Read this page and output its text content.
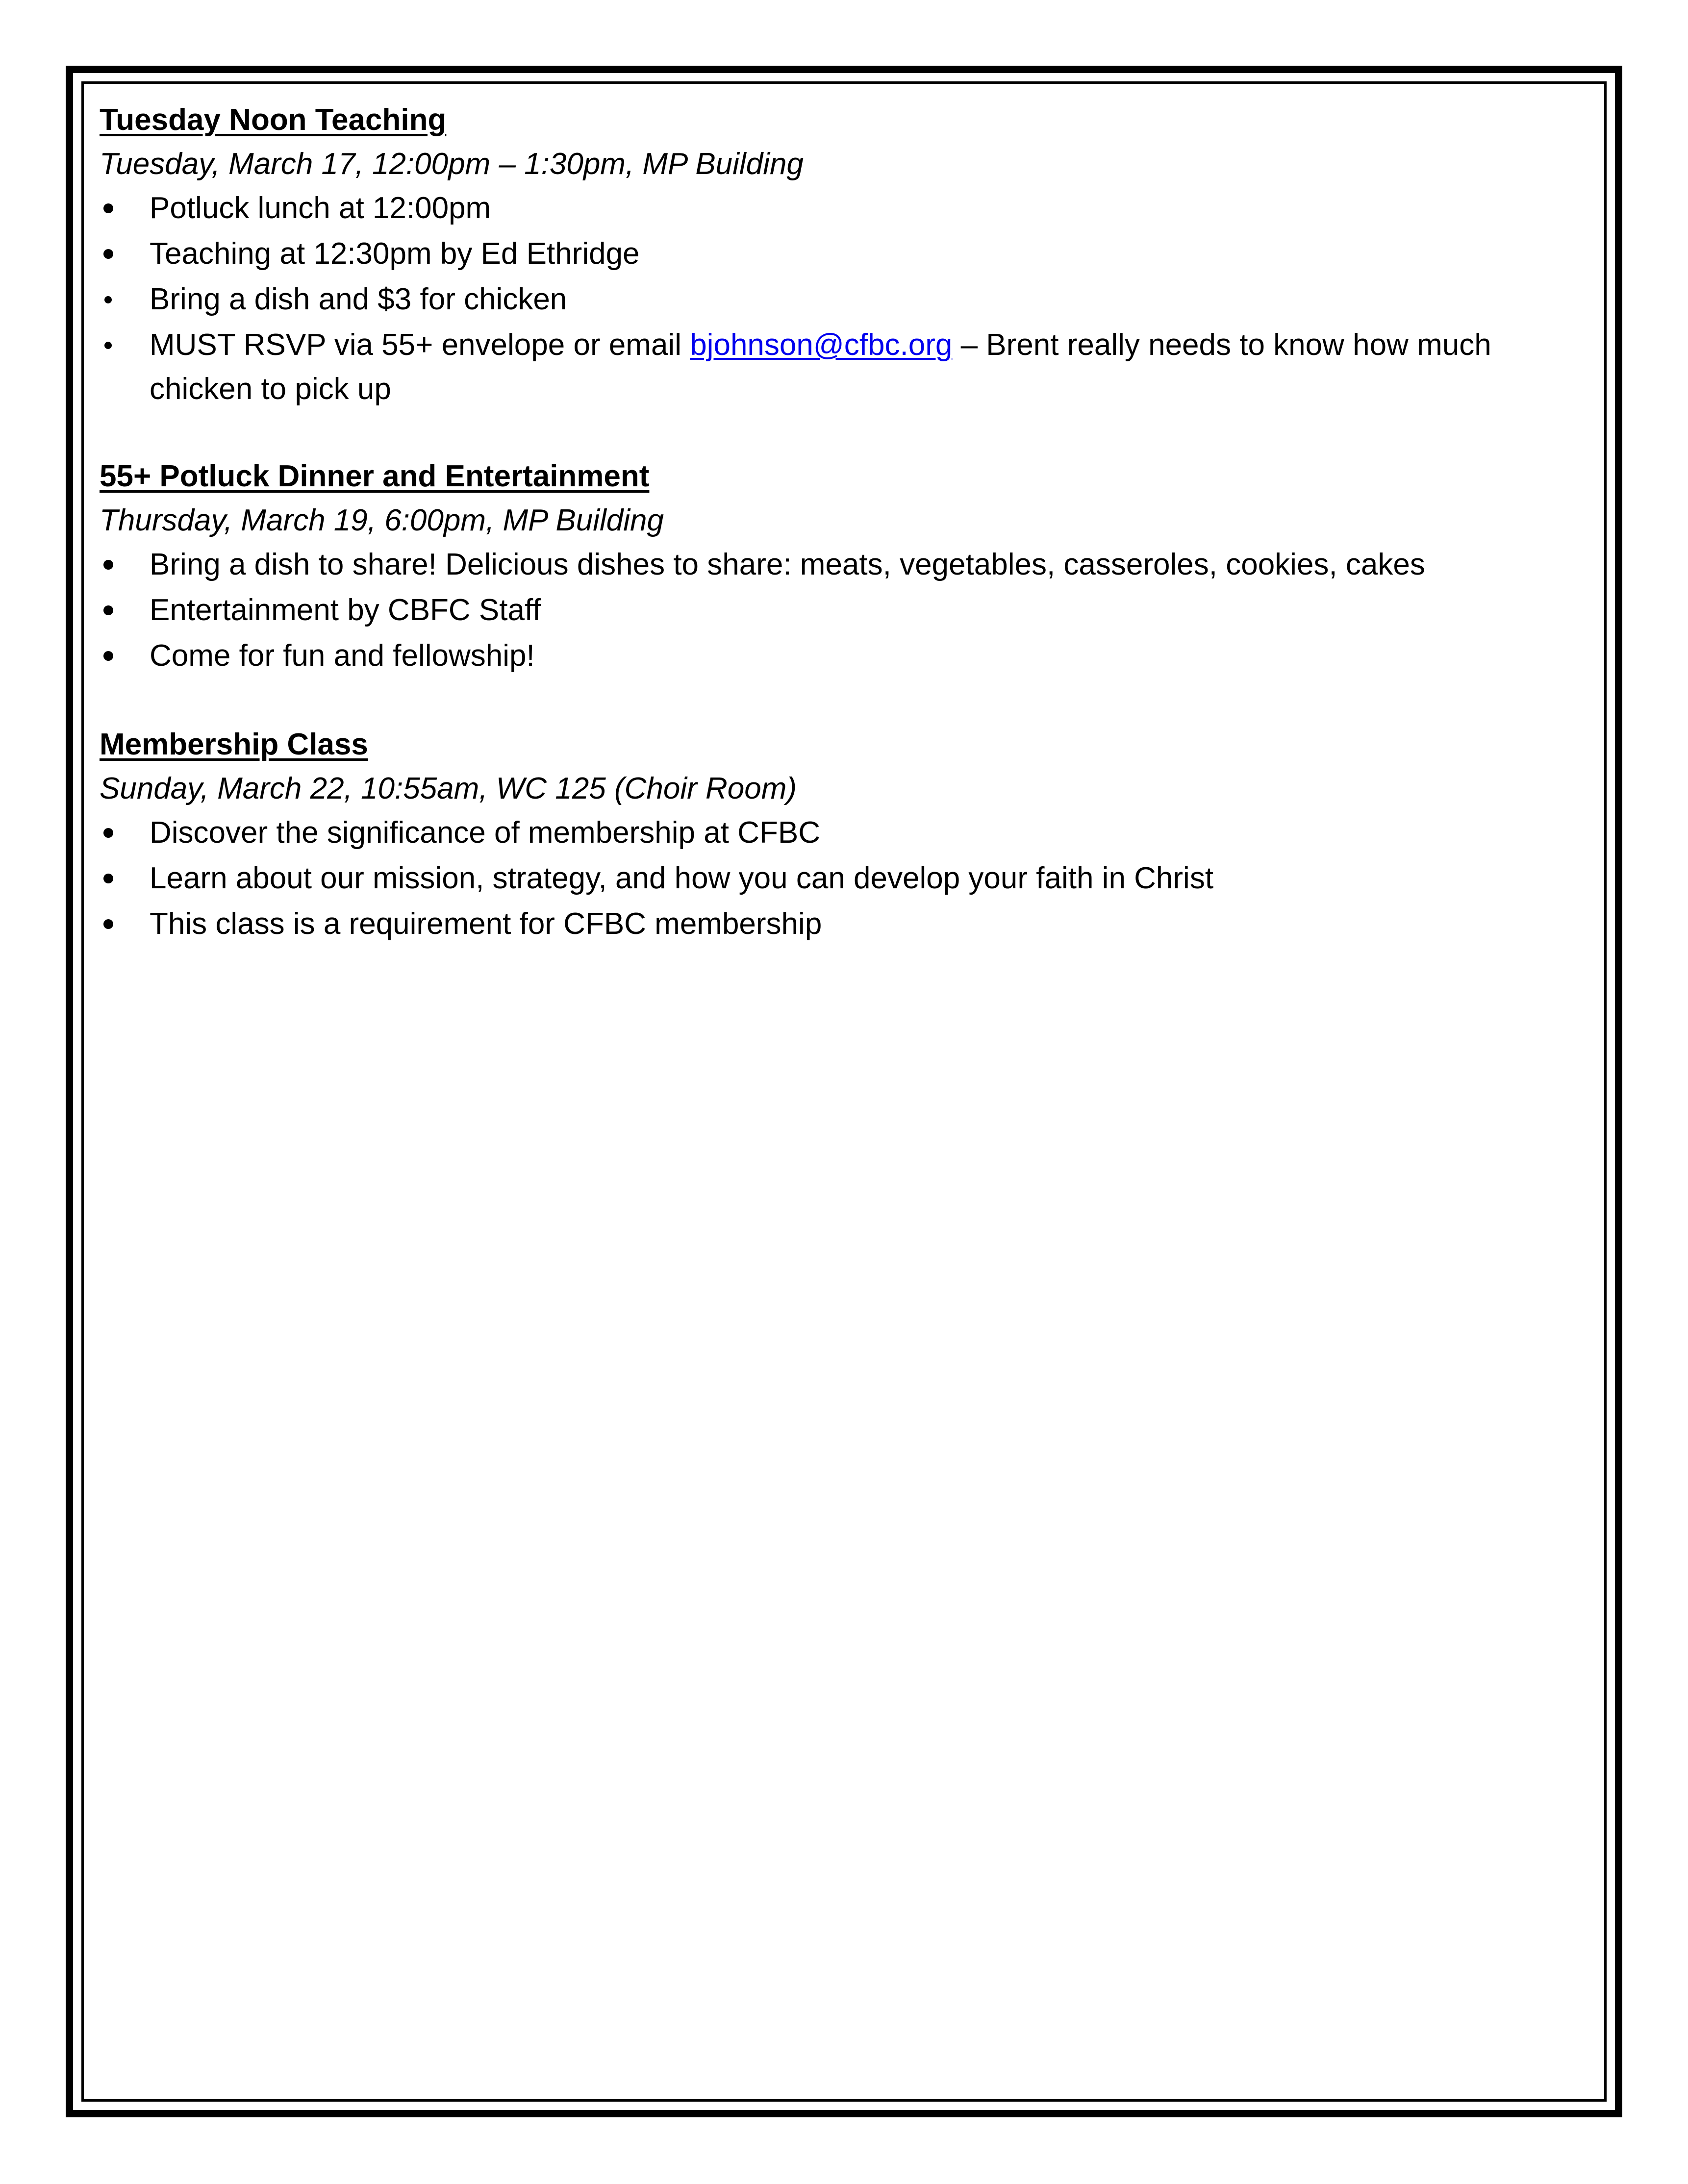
Tuesday Noon Teaching

Tuesday, March 17, 12:00pm – 1:30pm, MP Building

Potluck lunch at 12:00pm
Teaching at 12:30pm by Ed Ethridge
Bring a dish and $3 for chicken
MUST RSVP via 55+ envelope or email bjohnson@cfbc.org – Brent really needs to know how much chicken to pick up

55+ Potluck Dinner and Entertainment

Thursday, March 19, 6:00pm, MP Building

Bring a dish to share! Delicious dishes to share: meats, vegetables, casseroles, cookies, cakes
Entertainment by CBFC Staff
Come for fun and fellowship!

Membership Class

Sunday, March 22, 10:55am, WC 125 (Choir Room)

Discover the significance of membership at CFBC
Learn about our mission, strategy, and how you can develop your faith in Christ
This class is a requirement for CFBC membership
